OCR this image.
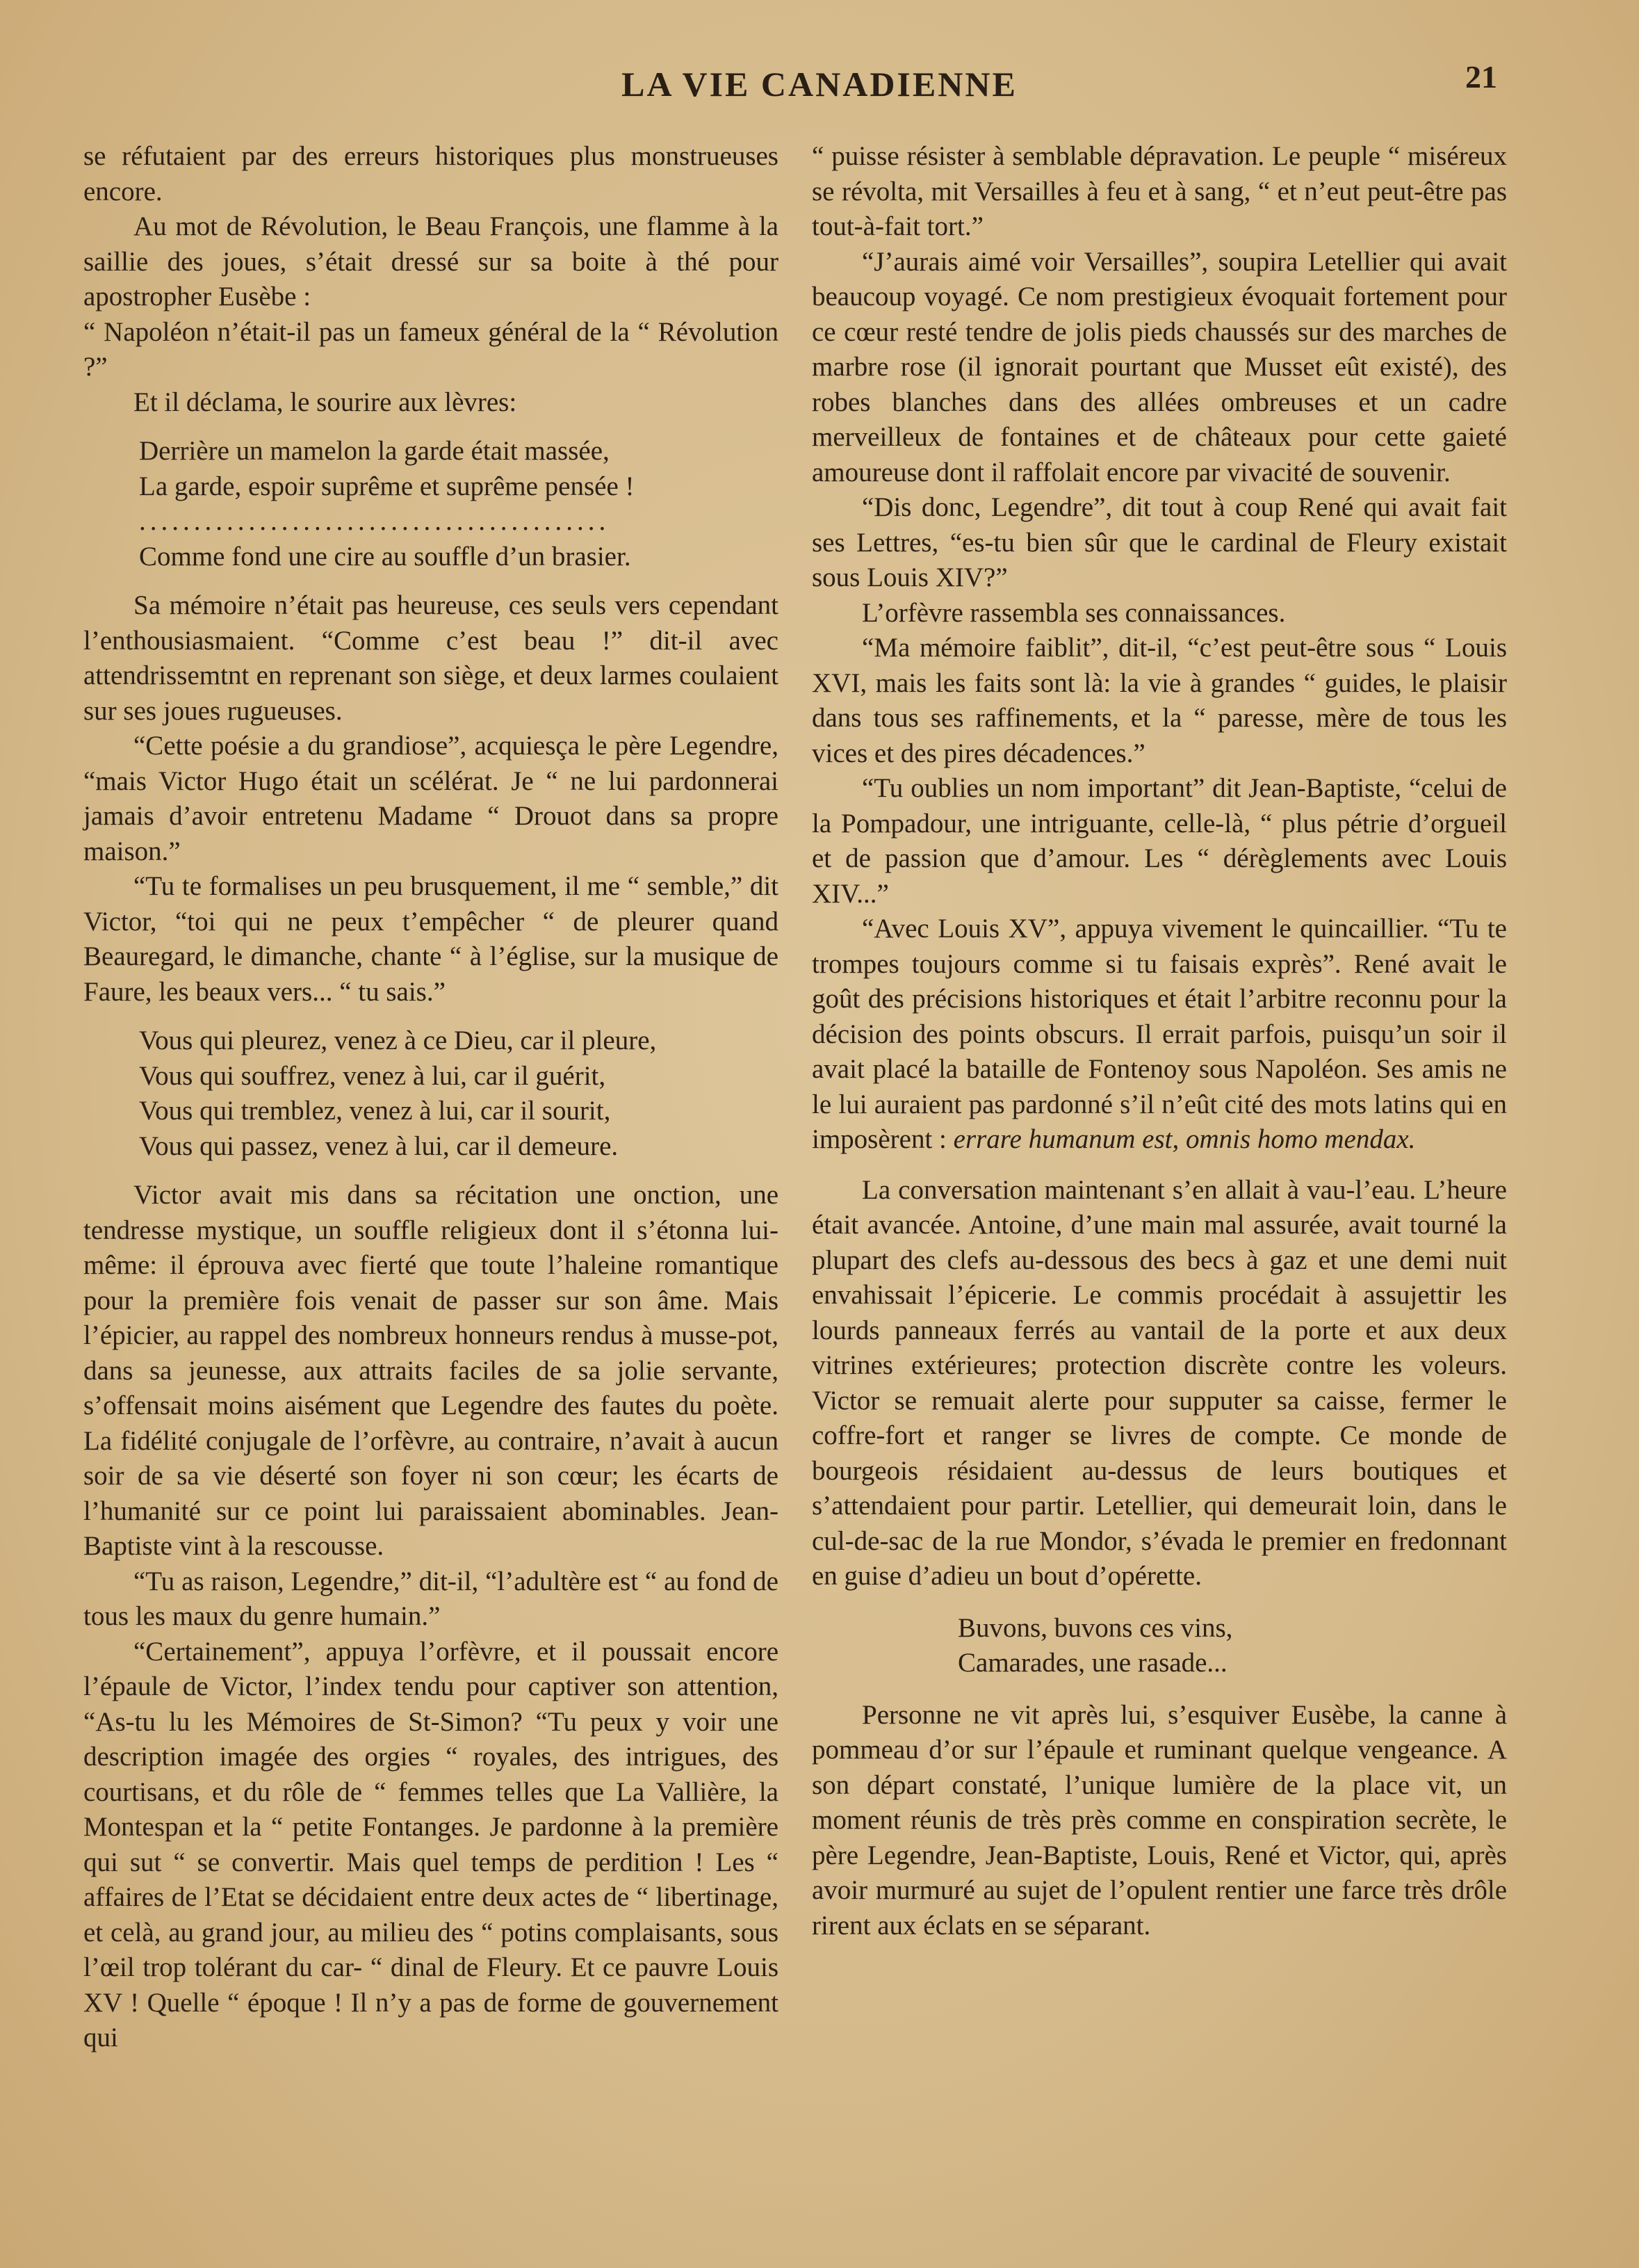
LA VIE CANADIENNE	21

se réfutaient par des erreurs historiques plus monstrueuses encore.

Au mot de Révolution, le Beau François, une flamme à la saillie des joues, s’était dressé sur sa boite à thé pour apostropher Eusèbe :

“ Napoléon n’était-il pas un fameux général de la “ Révolution ?”

Et il déclama, le sourire aux lèvres:

Derrière un mamelon la garde était massée,
La garde, espoir suprême et suprême pensée !
...........................................
Comme fond une cire au souffle d’un brasier.

Sa mémoire n’était pas heureuse, ces seuls vers cependant l’enthousiasmaient. “Comme c’est beau !” dit-il avec attendrissemtnt en reprenant son siège, et deux larmes coulaient sur ses joues rugueuses.

“Cette poésie a du grandiose”, acquiesça le père Legendre, “mais Victor Hugo était un scélérat. Je “ ne lui pardonnerai jamais d’avoir entretenu Madame “ Drouot dans sa propre maison.”

“Tu te formalises un peu brusquement, il me “ semble,” dit Victor, “toi qui ne peux t’empêcher “ de pleurer quand Beauregard, le dimanche, chante “ à l’église, sur la musique de Faure, les beaux vers... “ tu sais.”

Vous qui pleurez, venez à ce Dieu, car il pleure,
Vous qui souffrez, venez à lui, car il guérit,
Vous qui tremblez, venez à lui, car il sourit,
Vous qui passez, venez à lui, car il demeure.

Victor avait mis dans sa récitation une onction, une tendresse mystique, un souffle religieux dont il s’étonna lui-même: il éprouva avec fierté que toute l’haleine romantique pour la première fois venait de passer sur son âme. Mais l’épicier, au rappel des nombreux honneurs rendus à musse-pot, dans sa jeunesse, aux attraits faciles de sa jolie servante, s’offensait moins aisément que Legendre des fautes du poète. La fidélité conjugale de l’orfèvre, au contraire, n’avait à aucun soir de sa vie déserté son foyer ni son cœur; les écarts de l’humanité sur ce point lui paraissaient abominables. Jean-Baptiste vint à la rescousse.

“Tu as raison, Legendre,” dit-il, “l’adultère est “ au fond de tous les maux du genre humain.”

“Certainement”, appuya l’orfèvre, et il poussait encore l’épaule de Victor, l’index tendu pour captiver son attention, “As-tu lu les Mémoires de St-Simon? “Tu peux y voir une description imagée des orgies “ royales, des intrigues, des courtisans, et du rôle de “ femmes telles que La Vallière, la Montespan et la “ petite Fontanges. Je pardonne à la première qui sut “ se convertir. Mais quel temps de perdition ! Les “ affaires de l’Etat se décidaient entre deux actes de “ libertinage, et celà, au grand jour, au milieu des “ potins complaisants, sous l’œil trop tolérant du car- “ dinal de Fleury. Et ce pauvre Louis XV ! Quelle “ époque ! Il n’y a pas de forme de gouvernement qui

“ puisse résister à semblable dépravation. Le peuple “ miséreux se révolta, mit Versailles à feu et à sang, “ et n’eut peut-être pas tout-à-fait tort.”

“J’aurais aimé voir Versailles”, soupira Letellier qui avait beaucoup voyagé. Ce nom prestigieux évoquait fortement pour ce cœur resté tendre de jolis pieds chaussés sur des marches de marbre rose (il ignorait pourtant que Musset eût existé), des robes blanches dans des allées ombreuses et un cadre merveilleux de fontaines et de châteaux pour cette gaieté amoureuse dont il raffolait encore par vivacité de souvenir.

“Dis donc, Legendre”, dit tout à coup René qui avait fait ses Lettres, “es-tu bien sûr que le cardinal de Fleury existait sous Louis XIV?”

L’orfèvre rassembla ses connaissances.

“Ma mémoire faiblit”, dit-il, “c’est peut-être sous “ Louis XVI, mais les faits sont là: la vie à grandes “ guides, le plaisir dans tous ses raffinements, et la “ paresse, mère de tous les vices et des pires décadences.”

“Tu oublies un nom important” dit Jean-Baptiste, “celui de la Pompadour, une intriguante, celle-là, “ plus pétrie d’orgueil et de passion que d’amour. Les “ dérèglements avec Louis XIV...”

“Avec Louis XV”, appuya vivement le quincaillier. “Tu te trompes toujours comme si tu faisais exprès”. René avait le goût des précisions historiques et était l’arbitre reconnu pour la décision des points obscurs. Il errait parfois, puisqu’un soir il avait placé la bataille de Fontenoy sous Napoléon. Ses amis ne le lui auraient pas pardonné s’il n’eût cité des mots latins qui en imposèrent : errare humanum est, omnis homo mendax.

La conversation maintenant s’en allait à vau-l’eau. L’heure était avancée. Antoine, d’une main mal assurée, avait tourné la plupart des clefs au-dessous des becs à gaz et une demi nuit envahissait l’épicerie. Le commis procédait à assujettir les lourds panneaux ferrés au vantail de la porte et aux deux vitrines extérieures; protection discrète contre les voleurs. Victor se remuait alerte pour supputer sa caisse, fermer le coffre-fort et ranger se livres de compte. Ce monde de bourgeois résidaient au-dessus de leurs boutiques et s’attendaient pour partir. Letellier, qui demeurait loin, dans le cul-de-sac de la rue Mondor, s’évada le premier en fredonnant en guise d’adieu un bout d’opérette.

Buvons, buvons ces vins,
Camarades, une rasade...

Personne ne vit après lui, s’esquiver Eusèbe, la canne à pommeau d’or sur l’épaule et ruminant quelque vengeance. A son départ constaté, l’unique lumière de la place vit, un moment réunis de très près comme en conspiration secrète, le père Legendre, Jean-Baptiste, Louis, René et Victor, qui, après avoir murmuré au sujet de l’opulent rentier une farce très drôle rirent aux éclats en se séparant.
